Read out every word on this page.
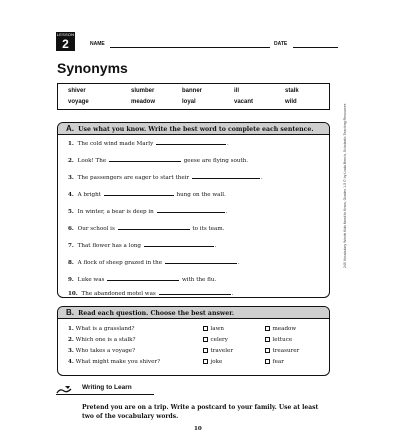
LESSON
2	NAME	DATE
Synonyms
shiver	slumber	banner	ill	stalk
voyage	meadow	loyal	vacant	wild
A. Use what you know. Write the best word to complete each sentence.
1. The cold wind made Marly	.
2. Look! The	geese are flying south.
3. The passengers are eager to start their	.
4. A bright	hung on the wall.
5. In winter, a bear is deep in	.
6. Our school is	to its team.
7. That flower has a long	.
8. A flock of sheep grazed in the	.
9. Luke was	with the flu.
10. The abandoned motel was	.
B. Read each question. Choose the best answer.
1. What is a grassland?	lawn	meadow
2. Which one is a stalk?	celery	lettuce
3. Who takes a voyage?	traveler	treasurer
4. What might make you shiver?	joke	fear
Writing to Learn
Pretend you are on a trip. Write a postcard to your family. Use at least two of the vocabulary words.
10
240 Vocabulary Words Kids Need to Know, Grades 1-5 © by Linda Beech, Scholastic Teaching Resources
